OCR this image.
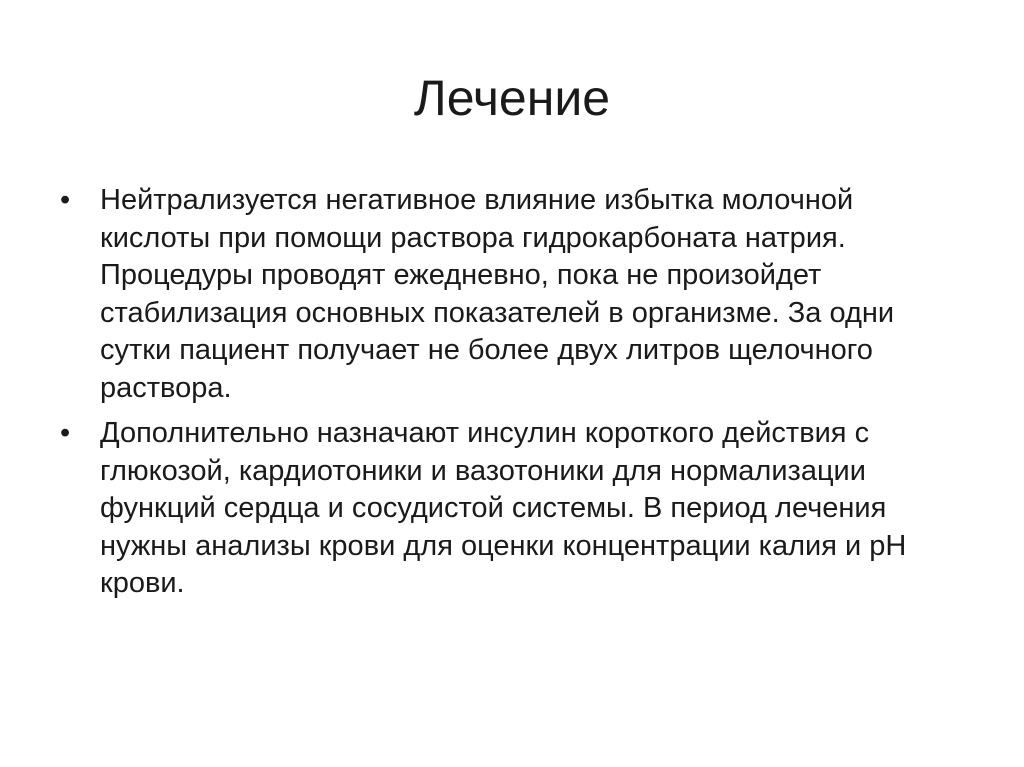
Лечение
•	Нейтрализуется негативное влияние избытка молочной кислоты при помощи раствора гидрокарбоната натрия. Процедуры проводят ежедневно, пока не произойдет стабилизация основных показателей в организме. За одни сутки пациент получает не более двух литров щелочного раствора.
•	Дополнительно назначают инсулин короткого действия с глюкозой, кардиотоники и вазотоники для нормализации функций сердца и сосудистой системы. В период лечения нужны анализы крови для оценки концентрации калия и pH крови.
